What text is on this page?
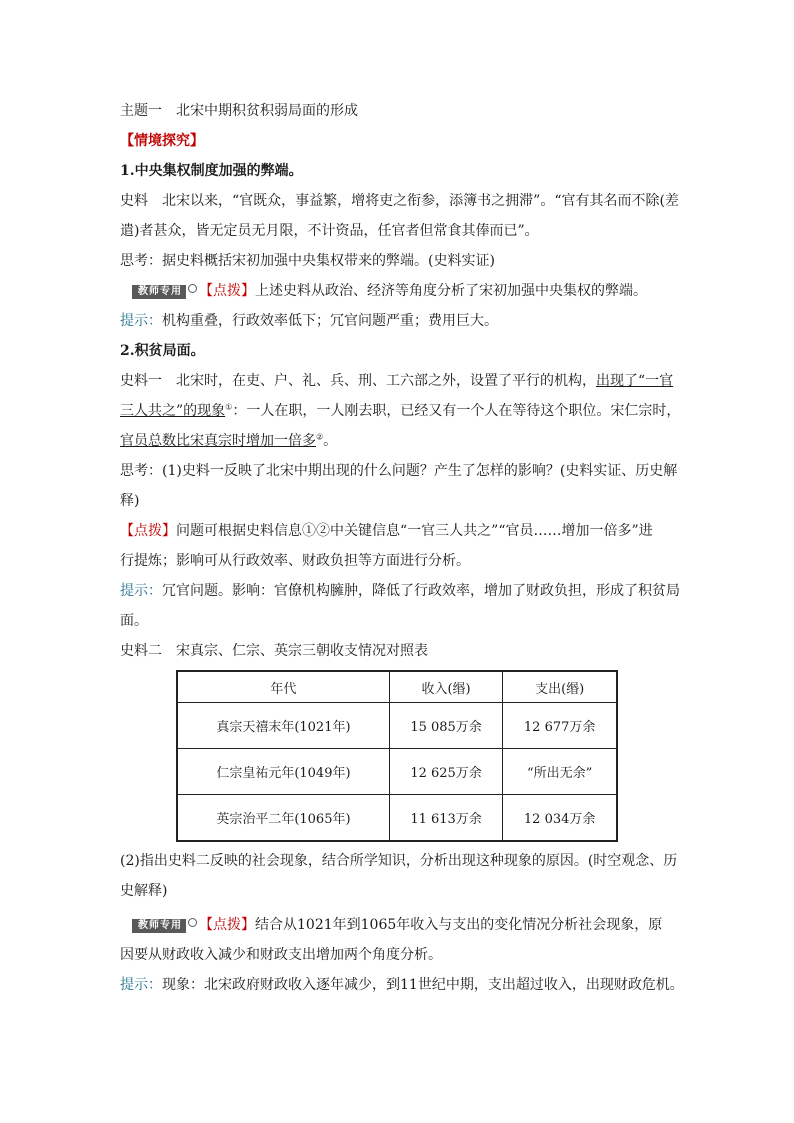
主题一　北宋中期积贫积弱局面的形成

【情境探究】

1.中央集权制度加强的弊端。

史料　北宋以来，“官既众，事益繁，增将吏之衔参，添簿书之拥滞”。“官有其名而不除(差

遣)者甚众，皆无定员无月限，不计资品，任官者但常食其俸而已”。

思考：据史料概括宋初加强中央集权带来的弊端。(史料实证)

教师专用 【点拨】上述史料从政治、经济等角度分析了宋初加强中央集权的弊端。

提示：机构重叠，行政效率低下；冗官问题严重；费用巨大。

2.积贫局面。

史料一　北宋时，在吏、户、礼、兵、刑、工六部之外，设置了平行的机构，出现了“一官

三人共之”的现象①：一人在职，一人刚去职，已经又有一个人在等待这个职位。宋仁宗时，

官员总数比宋真宗时增加一倍多②。

思考：(1)史料一反映了北宋中期出现的什么问题？产生了怎样的影响？(史料实证、历史解

释)

【点拨】问题可根据史料信息①②中关键信息“一官三人共之”“官员……增加一倍多”进

行提炼；影响可从行政效率、财政负担等方面进行分析。

提示：冗官问题。影响：官僚机构臃肿，降低了行政效率，增加了财政负担，形成了积贫局

面。

史料二　宋真宗、仁宗、英宗三朝收支情况对照表

年代	收入(缗)	支出(缗)
真宗天禧末年(1021年)	15 085万余	12 677万余
仁宗皇祐元年(1049年)	12 625万余	“所出无余”
英宗治平二年(1065年)	11 613万余	12 034万余

(2)指出史料二反映的社会现象，结合所学知识，分析出现这种现象的原因。(时空观念、历

史解释)

教师专用 【点拨】结合从1021年到1065年收入与支出的变化情况分析社会现象，原

因要从财政收入减少和财政支出增加两个角度分析。

提示：现象：北宋政府财政收入逐年减少，到11世纪中期，支出超过收入，出现财政危机。
